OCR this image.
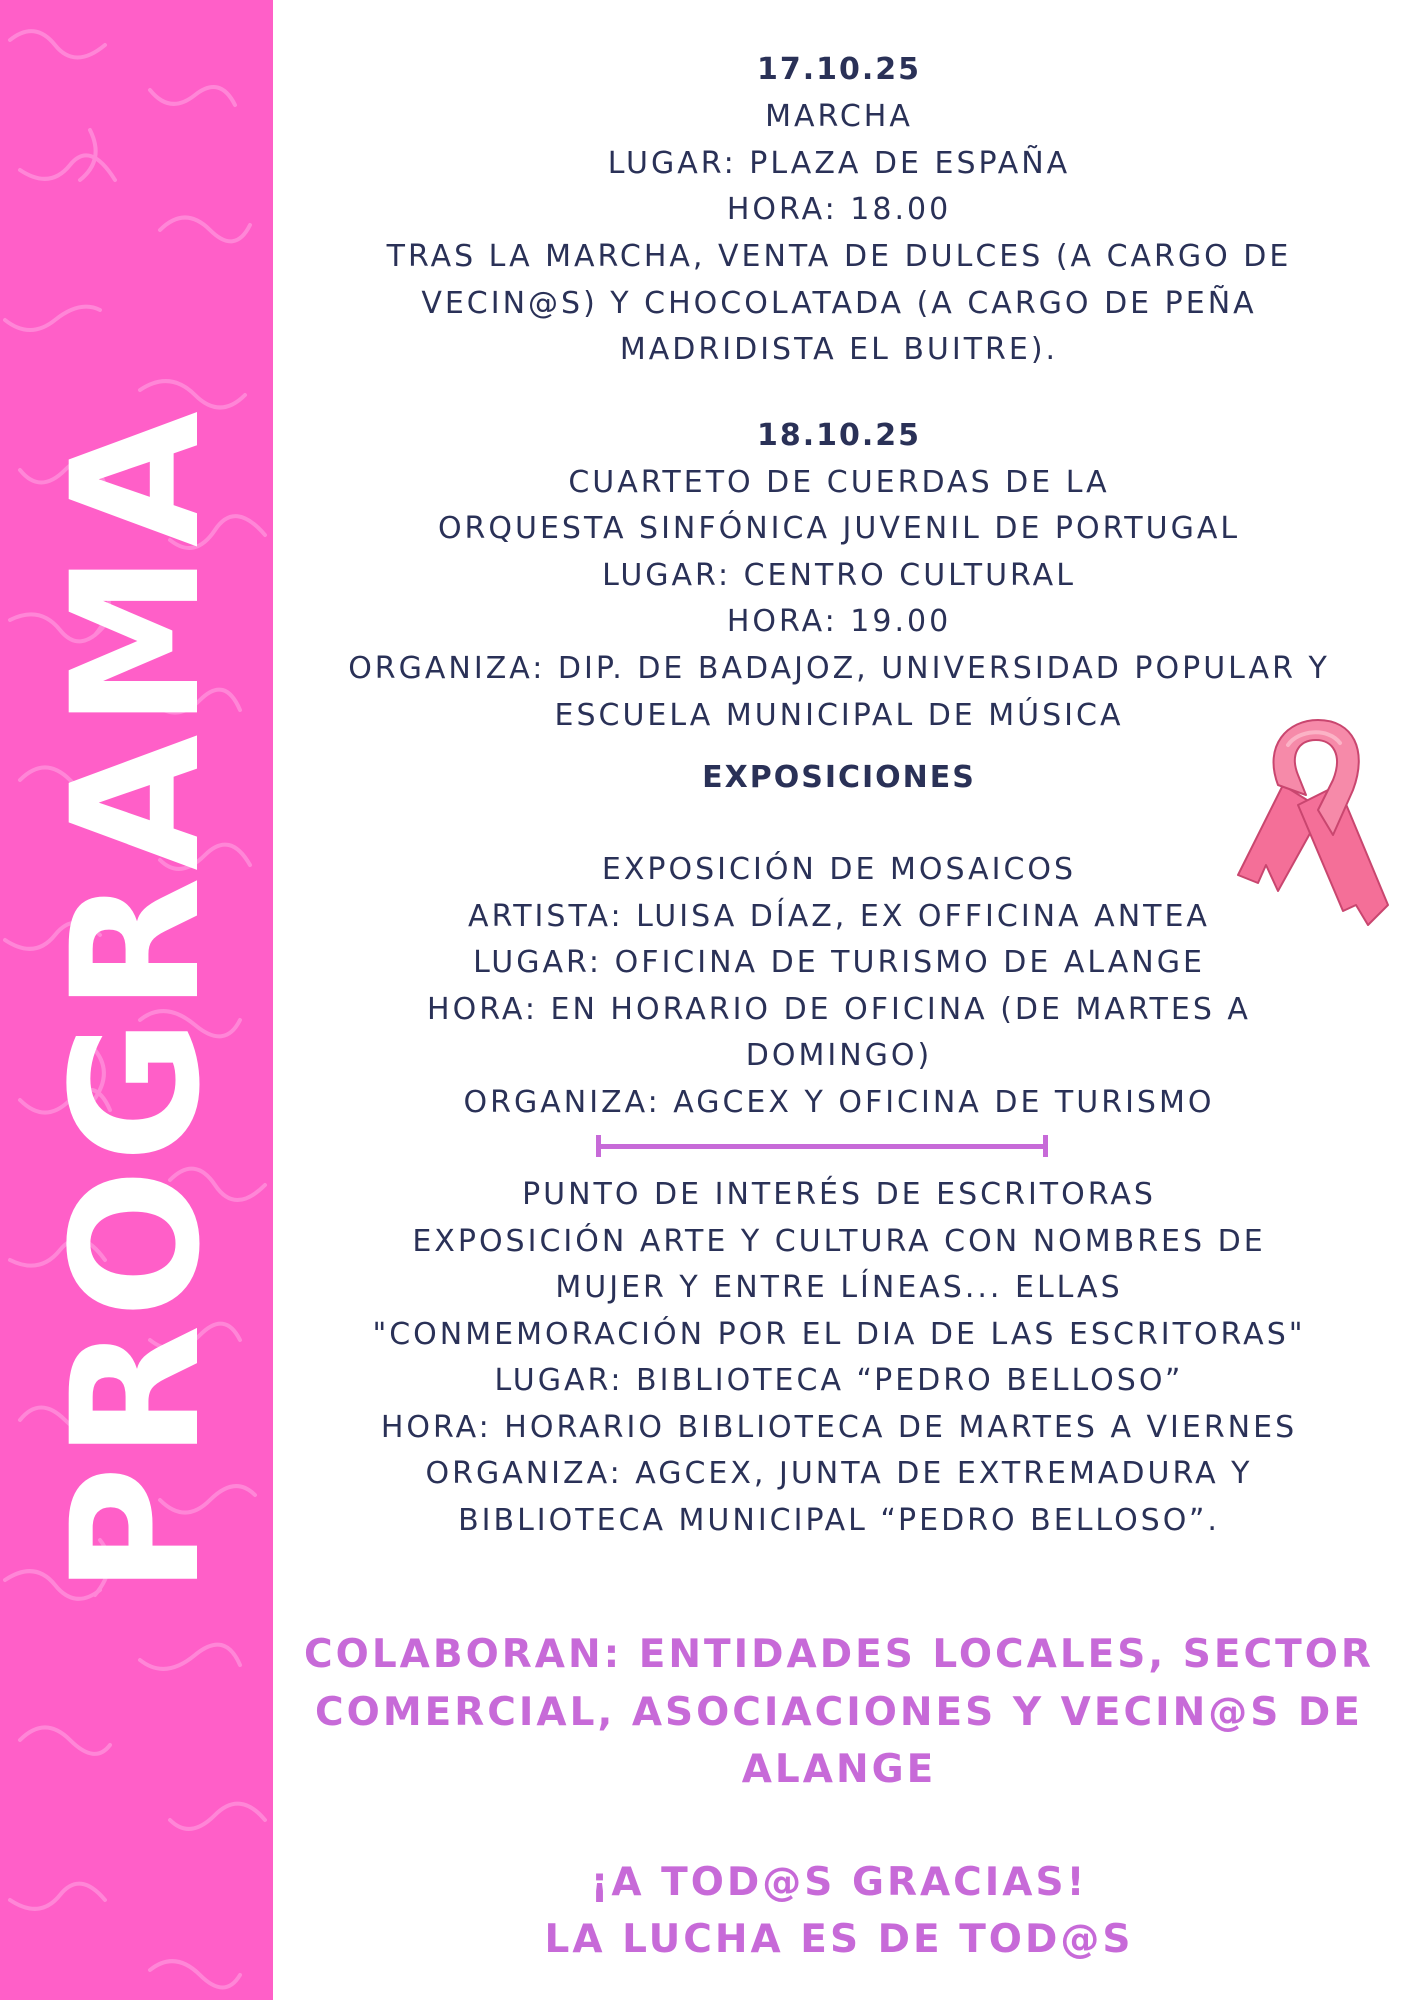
PROGRAMA
17.10.25
MARCHA
LUGAR: PLAZA DE ESPAÑA
HORA: 18.00
TRAS LA MARCHA, VENTA DE DULCES (A CARGO DE
VECIN@S) Y CHOCOLATADA (A CARGO DE PEÑA
MADRIDISTA EL BUITRE).
18.10.25
CUARTETO DE CUERDAS DE LA
ORQUESTA SINFÓNICA JUVENIL DE PORTUGAL
LUGAR: CENTRO CULTURAL
HORA: 19.00
ORGANIZA: DIP. DE BADAJOZ, UNIVERSIDAD POPULAR Y
ESCUELA MUNICIPAL DE MÚSICA
EXPOSICIONES
EXPOSICIÓN DE MOSAICOS
ARTISTA: LUISA DÍAZ, EX OFFICINA ANTEA
LUGAR: OFICINA DE TURISMO DE ALANGE
HORA: EN HORARIO DE OFICINA (DE MARTES A
DOMINGO)
ORGANIZA: AGCEX Y OFICINA DE TURISMO
PUNTO DE INTERÉS DE ESCRITORAS
EXPOSICIÓN ARTE Y CULTURA CON NOMBRES DE
MUJER Y ENTRE LÍNEAS... ELLAS
"CONMEMORACIÓN POR EL DIA DE LAS ESCRITORAS"
LUGAR: BIBLIOTECA “PEDRO BELLOSO”
HORA: HORARIO BIBLIOTECA DE MARTES A VIERNES
ORGANIZA: AGCEX, JUNTA DE EXTREMADURA Y
BIBLIOTECA MUNICIPAL “PEDRO BELLOSO”.
COLABORAN: ENTIDADES LOCALES, SECTOR
COMERCIAL, ASOCIACIONES Y VECIN@S DE
ALANGE
¡A TOD@S GRACIAS!
LA LUCHA ES DE TOD@S
